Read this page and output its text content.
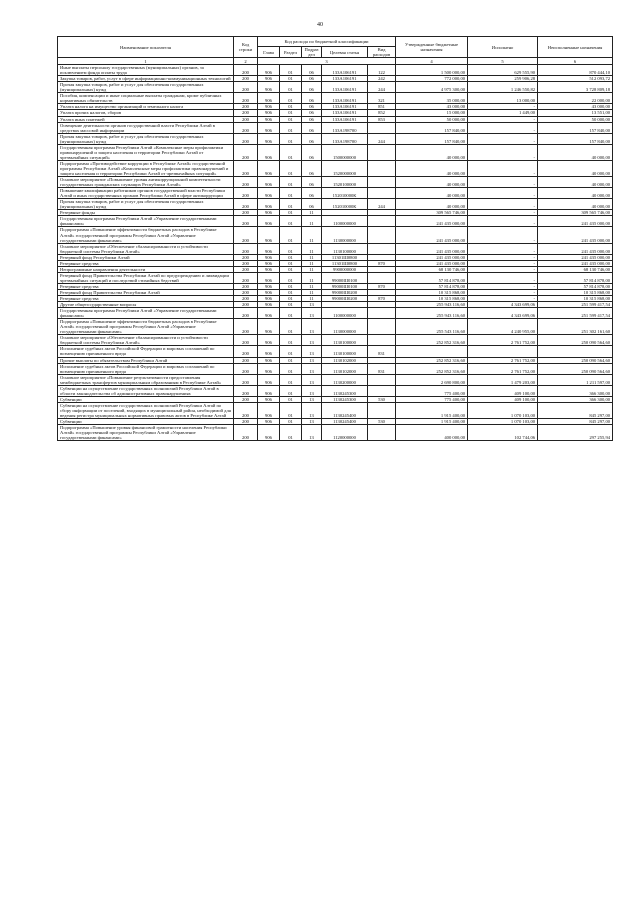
40
Наименование показателя	Код строки	Код расхода по бюджетной классификации					Утвержденные бюджетные назначения	Исполнено	Неисполненные назначения
		Глава	Раздел	Подраздел	Целевая статья	Вид расходов			
1	2	3					4	5	6
Иные выплаты персоналу государственных (муниципальных) органов, за исключением фонда оплаты труда	200	906	01	06	133А106191	122	1 500 000,00	629 555,90	870 444,10
Закупка товаров, работ, услуг в сфере информационно-коммуникационных технологий	200	906	01	06	133А106191	242	772 000,00	259 906,28	512 093,72
Прочая закупка товаров, работ и услуг для обеспечения государственных (муниципальных) нужд	200	906	01	06	133А106191	244	4 975 300,00	1 246 550,82	3 728 809,18
Пособия, компенсации и иные социальные выплаты гражданам, кроме публичных нормативных обязательств	200	906	01	06	133А106191	321	35 000,00	13 000,00	22 000,00
Уплата налога на имущество организаций и земельного налога	200	906	01	06	133А106191	851	43 000,00	-	43 000,00
Уплата прочих налогов, сборов	200	906	01	06	133А106191	852	15 000,00	1 449,00	13 551,00
Уплата иных платежей	200	906	01	06	133А106191	853	50 000,00	-	50 000,00
Освещение деятельности органов государственной власти Республики Алтай в средствах массовой информации	200	906	01	06	133А198700		157 840,00	-	157 840,00
Прочая закупка товаров, работ и услуг для обеспечения государственных (муниципальных) нужд	200	906	01	06	133А198700	244	157 840,00	-	157 840,00
Государственная программа Республики Алтай «Комплексные меры профилактики правонарушений и защита населения и территории Республики Алтай от чрезвычайных ситуаций»	200	906	01	06	1500000000		40 000,00	-	40 000,00
Подпрограмма «Противодействие коррупции в Республике Алтай» государственной программы Республики Алтай «Комплексные меры профилактики правонарушений и защита населения и территории Республики Алтай от чрезвычайных ситуаций»	200	906	01	06	1520000000		40 000,00	-	40 000,00
Основное мероприятие «Повышение уровня антикоррупционной компетентности государственных гражданских служащих Республики Алтай»	200	906	01	06	1520100000		40 000,00	-	40 000,00
Повышение квалификации работников органов государственной власти Республики Алтай и иных государственных органов Республики Алтай в сфере антикоррупции	200	906	01	06	152010000К		40 000,00	-	40 000,00
Прочая закупка товаров, работ и услуг для обеспечения государственных (муниципальных) нужд	200	906	01	06	152010000К	244	40 000,00	-	40 000,00
Резервные фонды	200	906	01	11			309 565 746,00	-	309 565 746,00
Государственная программа Республики Алтай «Управление государственными финансами»	200	906	01	11	1100000000		241 435 000,00	-	241 435 000,00
Подпрограмма «Повышение эффективности бюджетных расходов в Республике Алтай» государственной программы Республики Алтай «Управление государственными финансами»	200	906	01	11	1130000000		241 435 000,00	-	241 435 000,00
Основное мероприятие «Обеспечение сбалансированности и устойчивости бюджетной системы Республики Алтай»	200	906	01	11	1130100000		241 435 000,00	-	241 435 000,00
Резервный фонд Республики Алтай	200	906	01	11	11301Ш0800		241 435 000,00	-	241 435 000,00
Резервные средства	200	906	01	11	11301Ш0800	870	241 435 000,00	-	241 435 000,00
Непрограммные направления деятельности	200	906	01	11	9900000000		68 130 746,00	-	68 130 746,00
Резервный фонд Правительства Республики Алтай по предупреждению и ликвидации чрезвычайных ситуаций и последствий стихийных бедствий	200	906	01	11	99000Ш0100		57 814 878,00	-	57 814 878,00
Резервные средства	200	906	01	11	99000Ш0100	870	57 814 878,00	-	57 814 878,00
Резервный фонд Правительства Республики Алтай	200	906	01	11	99000Ш0200		10 315 868,00	-	10 315 868,00
Резервные средства	200	906	01	11	99000Ш0200	870	10 315 868,00	-	10 315 868,00
Другие общегосударственные вопросы	200	906	01	13			255 943 116,60	4 343 699,06	251 599 417,54
Государственная программа Республики Алтай «Управление государственными финансами»	200	906	01	13	1100000000		255 943 116,60	4 343 699,06	251 599 417,54
Подпрограмма «Повышение эффективности бюджетных расходов в Республике Алтай» государственной программы Республики Алтай «Управление государственными финансами»	200	906	01	13	1130000000		255 543 116,60	4 240 955,00	251 302 161,60
Основное мероприятие «Обеспечение сбалансированности и устойчивости бюджетной системы Республики Алтай»	200	906	01	13	1130100000		252 852 316,60	2 761 752,00	250 090 564,60
Исполнение судебных актов Российской Федерации и мировых соглашений по возмещению причиненного вреда	200	906	01	13	1130100000	831			
Прочие выплаты по обязательствам Республики Алтай	200	906	01	13	1130102000		252 852 316,60	2 761 752,00	250 090 564,60
Исполнение судебных актов Российской Федерации и мировых соглашений по возмещению причиненного вреда	200	906	01	13	1130102000	831	252 852 316,60	2 761 752,00	250 090 564,60
Основное мероприятие «Повышение результативности предоставления межбюджетных трансфертов муниципальным образованиям в Республике Алтай»	200	906	01	13	1130200000		2 690 800,00	1 479 203,00	1 211 597,00
Субвенции на осуществление государственных полномочий Республики Алтай в области законодательства об административных правонарушениях	200	906	01	13	1130245300		775 400,00	409 100,00	366 300,00
Субвенции	200	906	01	13	1130245300	530	775 400,00	409 100,00	366 300,00
Субвенции на осуществление государственных полномочий Республики Алтай по сбору информации от поселений, входящих в муниципальный район, необходимой для ведения регистра муниципальных нормативных правовых актов в Республике Алтай	200	906	01	13	1130245400		1 915 400,00	1 070 103,00	845 297,00
Субвенции	200	906	01	13	1130245400	530	1 915 400,00	1 070 103,00	845 297,00
Подпрограмма «Повышение уровня финансовой грамотности населения Республики Алтай» государственной программы Республики Алтай «Управление государственными финансами»	200	906	01	13	1120000000		400 000,00	102 744,06	297 255,94
